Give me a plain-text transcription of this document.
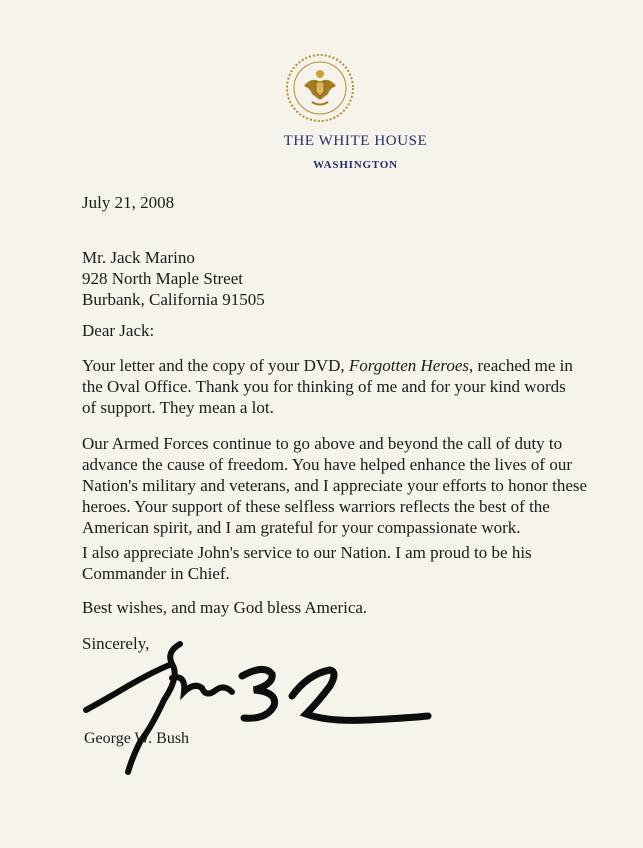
THE WHITE HOUSE
WASHINGTON
July 21, 2008
Mr. Jack Marino
928 North Maple Street
Burbank, California 91505
Dear Jack:
Your letter and the copy of your DVD, Forgotten Heroes, reached me in
the Oval Office. Thank you for thinking of me and for your kind words
of support. They mean a lot.
Our Armed Forces continue to go above and beyond the call of duty to
advance the cause of freedom. You have helped enhance the lives of our
Nation's military and veterans, and I appreciate your efforts to honor these
heroes. Your support of these selfless warriors reflects the best of the
American spirit, and I am grateful for your compassionate work.
I also appreciate John's service to our Nation. I am proud to be his
Commander in Chief.
Best wishes, and may God bless America.
Sincerely,
George W. Bush
